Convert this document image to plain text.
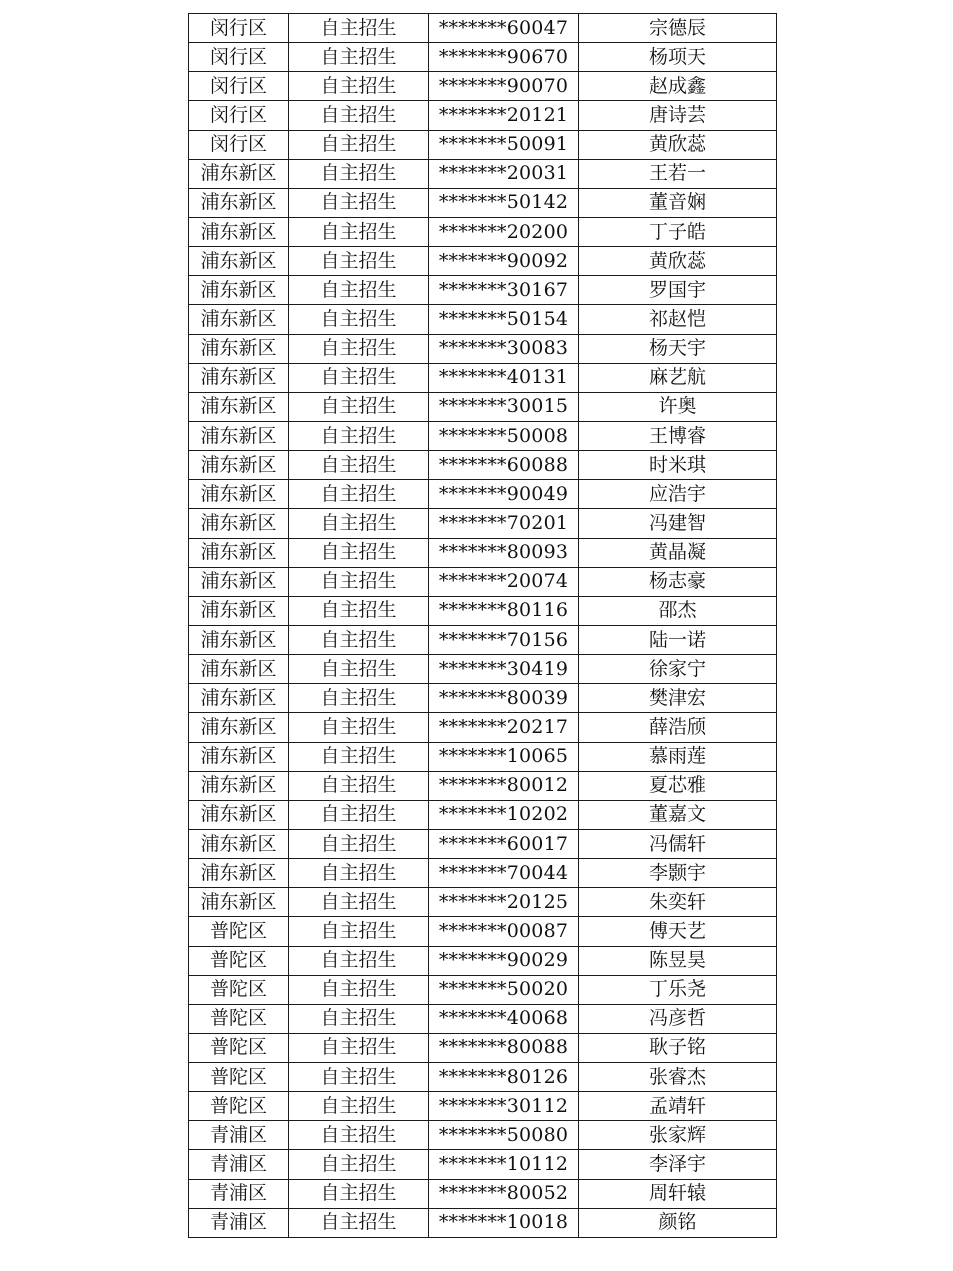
闵行区	自主招生	*******60047	宗德辰
闵行区	自主招生	*******90670	杨项天
闵行区	自主招生	*******90070	赵成鑫
闵行区	自主招生	*******20121	唐诗芸
闵行区	自主招生	*******50091	黄欣蕊
浦东新区	自主招生	*******20031	王若一
浦东新区	自主招生	*******50142	董音娴
浦东新区	自主招生	*******20200	丁子皓
浦东新区	自主招生	*******90092	黄欣蕊
浦东新区	自主招生	*******30167	罗国宇
浦东新区	自主招生	*******50154	祁赵恺
浦东新区	自主招生	*******30083	杨天宇
浦东新区	自主招生	*******40131	麻艺航
浦东新区	自主招生	*******30015	许奥
浦东新区	自主招生	*******50008	王博睿
浦东新区	自主招生	*******60088	时米琪
浦东新区	自主招生	*******90049	应浩宇
浦东新区	自主招生	*******70201	冯建智
浦东新区	自主招生	*******80093	黄晶凝
浦东新区	自主招生	*******20074	杨志豪
浦东新区	自主招生	*******80116	邵杰
浦东新区	自主招生	*******70156	陆一诺
浦东新区	自主招生	*******30419	徐家宁
浦东新区	自主招生	*******80039	樊津宏
浦东新区	自主招生	*******20217	薛浩颀
浦东新区	自主招生	*******10065	慕雨莲
浦东新区	自主招生	*******80012	夏芯雅
浦东新区	自主招生	*******10202	董嘉文
浦东新区	自主招生	*******60017	冯儒轩
浦东新区	自主招生	*******70044	李颢宇
浦东新区	自主招生	*******20125	朱奕轩
普陀区	自主招生	*******00087	傅天艺
普陀区	自主招生	*******90029	陈昱昊
普陀区	自主招生	*******50020	丁乐尧
普陀区	自主招生	*******40068	冯彦哲
普陀区	自主招生	*******80088	耿子铭
普陀区	自主招生	*******80126	张睿杰
普陀区	自主招生	*******30112	孟靖轩
青浦区	自主招生	*******50080	张家辉
青浦区	自主招生	*******10112	李泽宇
青浦区	自主招生	*******80052	周轩辕
青浦区	自主招生	*******10018	颜铭
